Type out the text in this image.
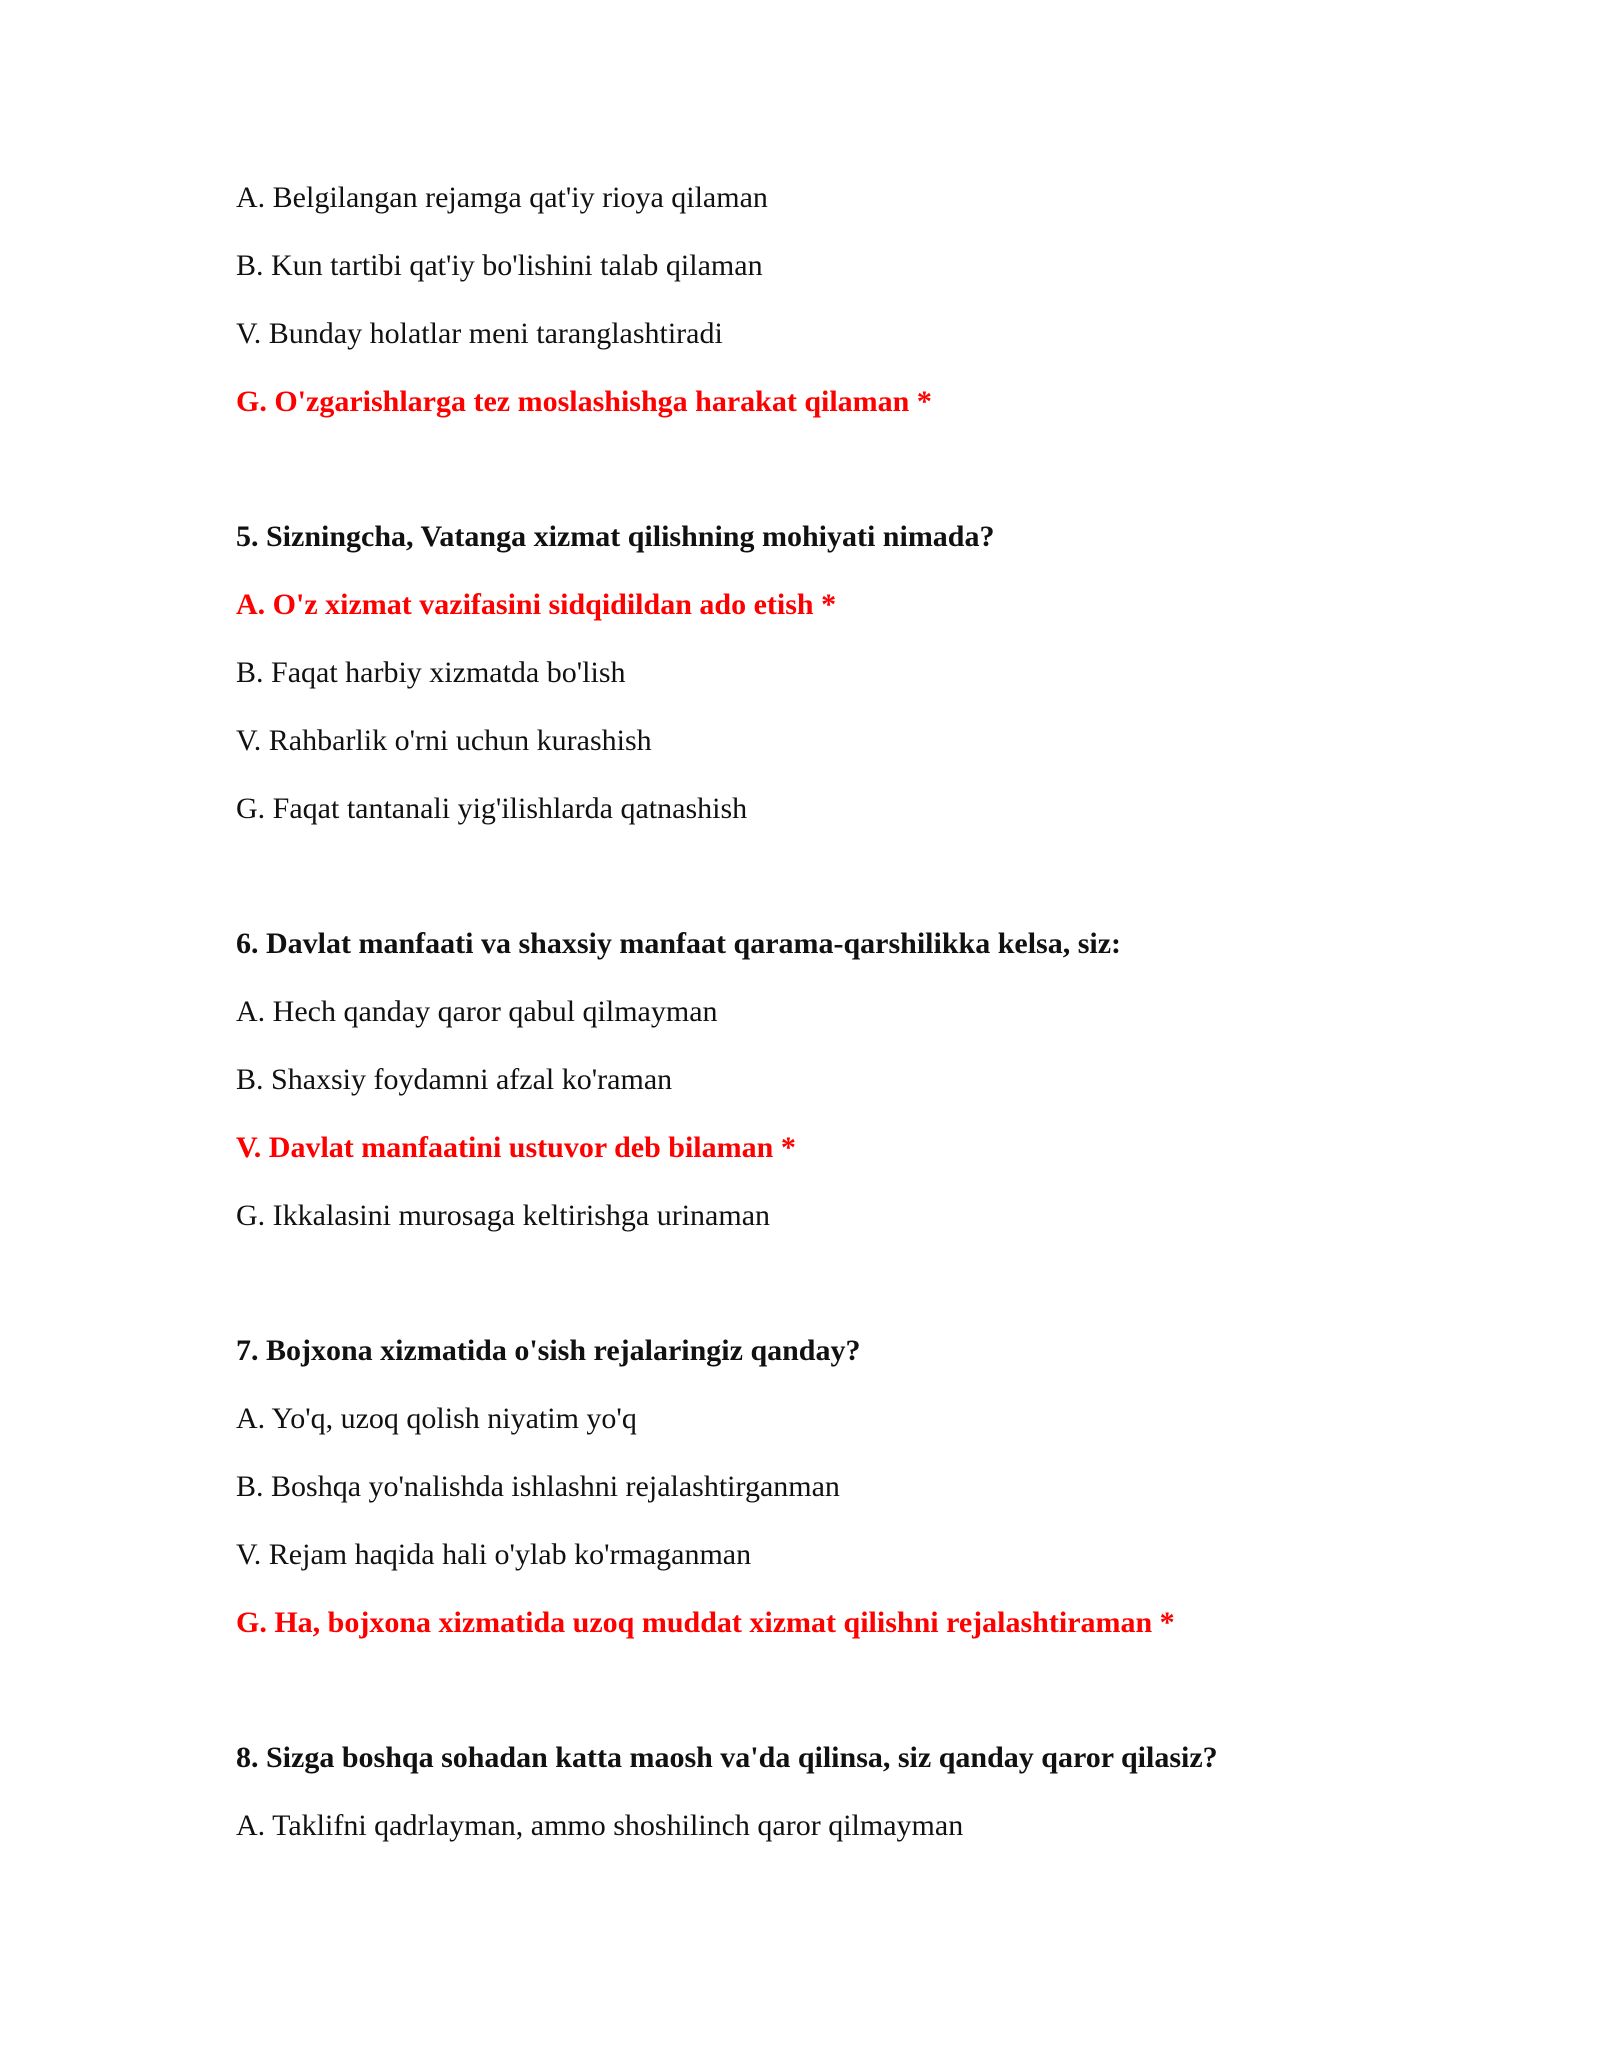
A. Belgilangan rejamga qat'iy rioya qilaman

B. Kun tartibi qat'iy bo'lishini talab qilaman

V. Bunday holatlar meni taranglashtiradi

G. O'zgarishlarga tez moslashishga harakat qilaman *

5. Sizningcha, Vatanga xizmat qilishning mohiyati nimada?

A. O'z xizmat vazifasini sidqidildan ado etish *

B. Faqat harbiy xizmatda bo'lish

V. Rahbarlik o'rni uchun kurashish

G. Faqat tantanali yig'ilishlarda qatnashish

6. Davlat manfaati va shaxsiy manfaat qarama-qarshilikka kelsa, siz:

A. Hech qanday qaror qabul qilmayman

B. Shaxsiy foydamni afzal ko'raman

V. Davlat manfaatini ustuvor deb bilaman *

G. Ikkalasini murosaga keltirishga urinaman

7. Bojxona xizmatida o'sish rejalaringiz qanday?

A. Yo'q, uzoq qolish niyatim yo'q

B. Boshqa yo'nalishda ishlashni rejalashtirganman

V. Rejam haqida hali o'ylab ko'rmaganman

G. Ha, bojxona xizmatida uzoq muddat xizmat qilishni rejalashtiraman *

8. Sizga boshqa sohadan katta maosh va'da qilinsa, siz qanday qaror qilasiz?

A. Taklifni qadrlayman, ammo shoshilinch qaror qilmayman
